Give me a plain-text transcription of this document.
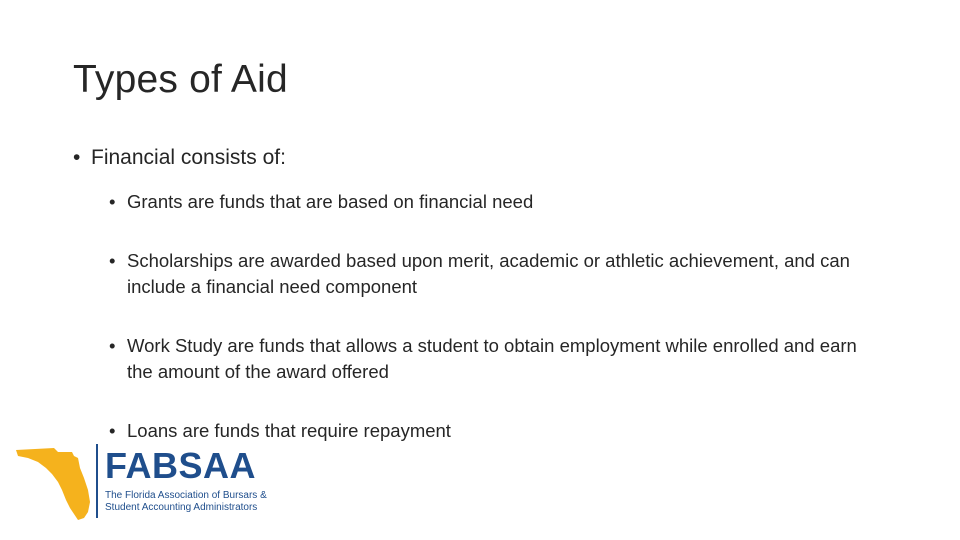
Types of Aid
• Financial consists of:
• Grants are funds that are based on financial need
• Scholarships are awarded based upon merit, academic or athletic achievement, and can include a financial need component
• Work Study are funds that allows a student to obtain employment while enrolled and earn the amount of the award offered
• Loans are funds that require repayment
FABSAA
The Florida Association of Bursars &
Student Accounting Administrators
